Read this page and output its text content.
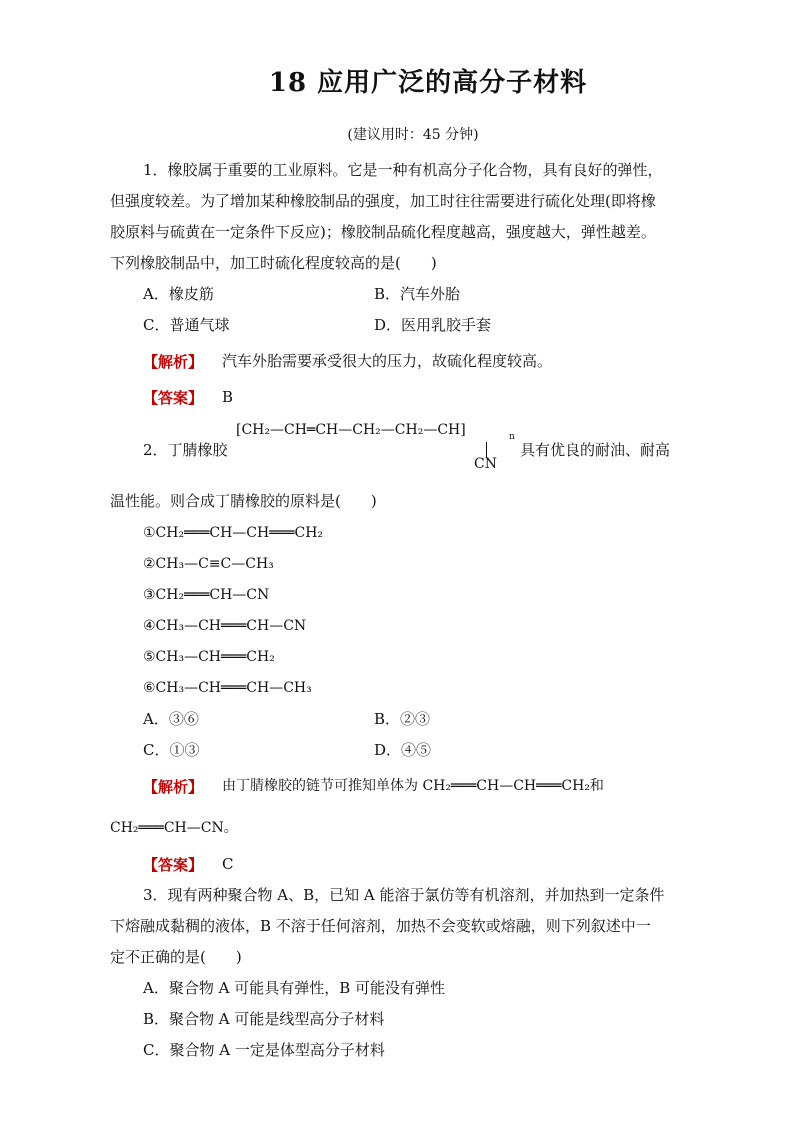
18 应用广泛的高分子材料
(建议用时：45 分钟)
1．橡胶属于重要的工业原料。它是一种有机高分子化合物，具有良好的弹性，
但强度较差。为了增加某种橡胶制品的强度，加工时往往需要进行硫化处理(即将橡
胶原料与硫黄在一定条件下反应)；橡胶制品硫化程度越高，强度越大，弹性越差。
下列橡胶制品中，加工时硫化程度较高的是(　　)
A．橡皮筋	B．汽车外胎
C．普通气球	D．医用乳胶手套
【解析】 汽车外胎需要承受很大的压力，故硫化程度较高。
【答案】 B
2．丁腈橡胶
[CH₂—CH═CH—CH₂—CH₂—CH]	n
CN
具有优良的耐油、耐高
温性能。则合成丁腈橡胶的原料是(　　)
①CH₂═══CH—CH═══CH₂
②CH₃—C≡C—CH₃
③CH₂═══CH—CN
④CH₃—CH═══CH—CN
⑤CH₃—CH═══CH₂
⑥CH₃—CH═══CH—CH₃
A．③⑥	B．②③
C．①③	D．④⑤
【解析】 由丁腈橡胶的链节可推知单体为 CH₂═══CH—CH═══CH₂和
CH₂═══CH—CN。
【答案】 C
3．现有两种聚合物 A、B，已知 A 能溶于氯仿等有机溶剂，并加热到一定条件
下熔融成黏稠的液体，B 不溶于任何溶剂，加热不会变软或熔融，则下列叙述中一
定不正确的是(　　)
A．聚合物 A 可能具有弹性，B 可能没有弹性
B．聚合物 A 可能是线型高分子材料
C．聚合物 A 一定是体型高分子材料
